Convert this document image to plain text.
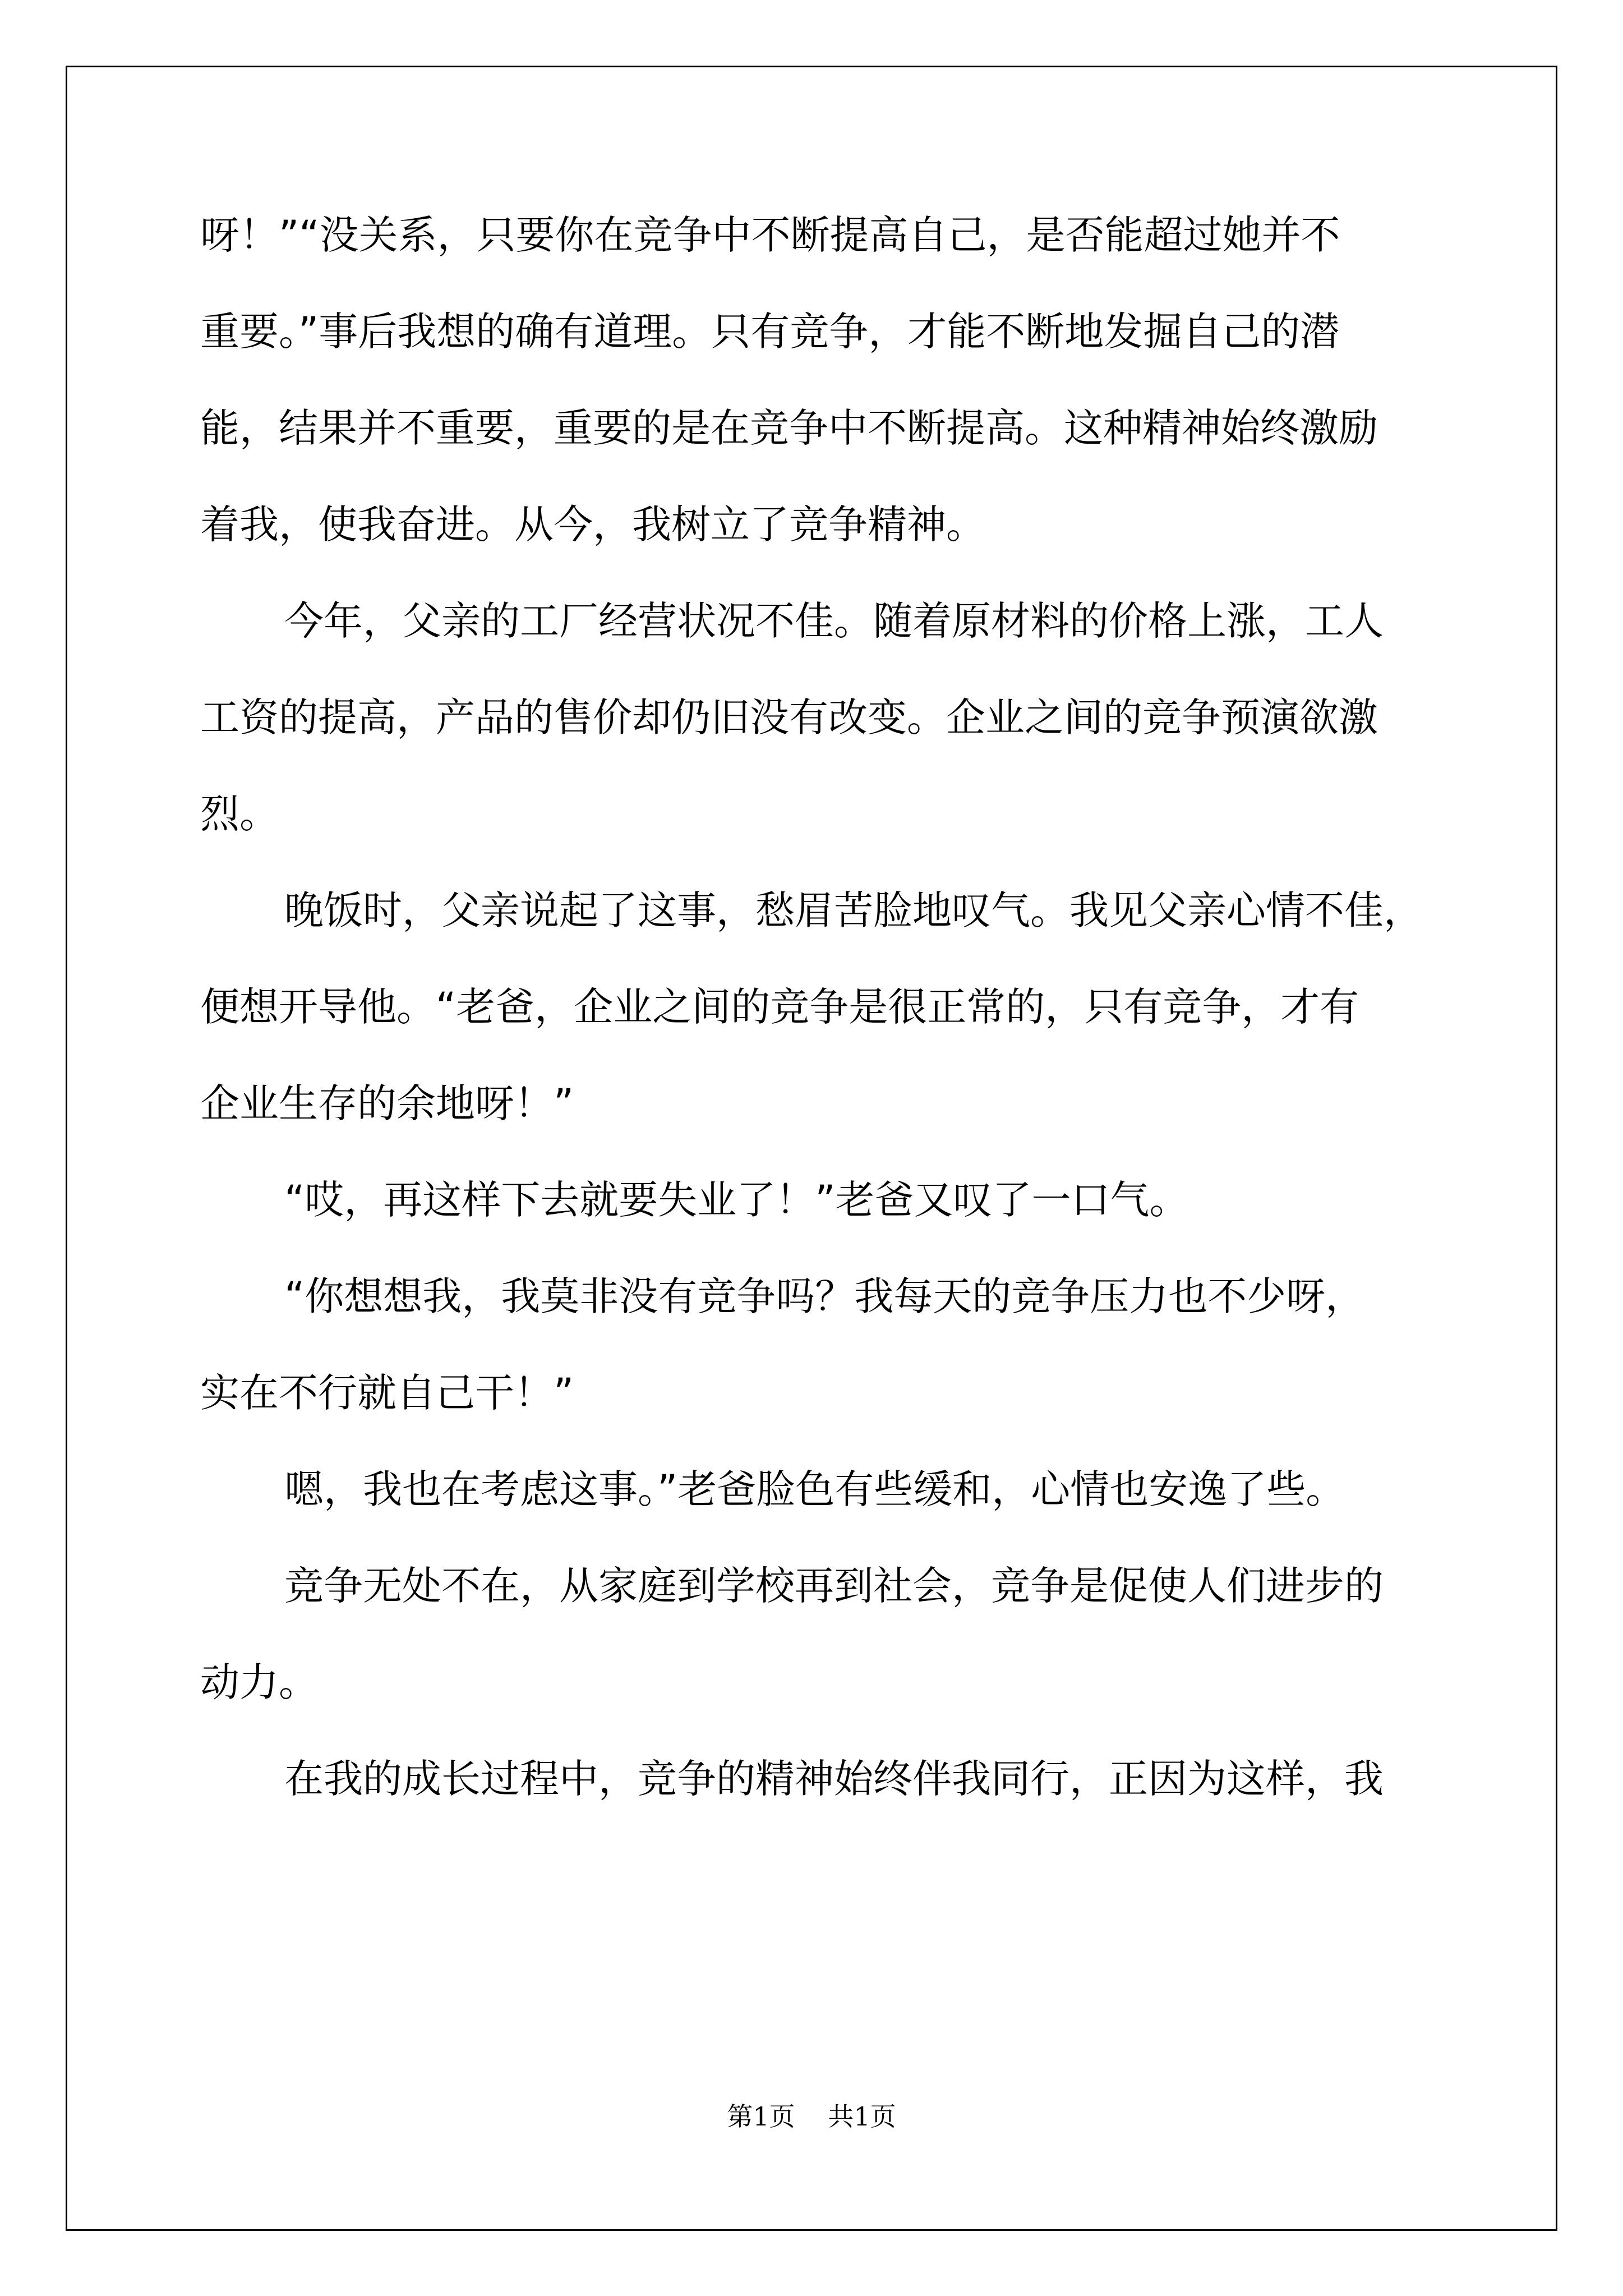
呀！”“没关系，只要你在竞争中不断提高自己，是否能超过她并不
重要。”事后我想的确有道理。只有竞争，才能不断地发掘自己的潜
能，结果并不重要，重要的是在竞争中不断提高。这种精神始终激励
着我，使我奋进。从今，我树立了竞争精神。
今年，父亲的工厂经营状况不佳。随着原材料的价格上涨，工人
工资的提高，产品的售价却仍旧没有改变。企业之间的竞争预演欲激
烈。
晚饭时，父亲说起了这事，愁眉苦脸地叹气。我见父亲心情不佳，
便想开导他。“老爸，企业之间的竞争是很正常的，只有竞争，才有
企业生存的余地呀！”
“哎，再这样下去就要失业了！”老爸又叹了一口气。
“你想想我，我莫非没有竞争吗？我每天的竞争压力也不少呀，
实在不行就自己干！”
嗯，我也在考虑这事。”老爸脸色有些缓和，心情也安逸了些。
竞争无处不在，从家庭到学校再到社会，竞争是促使人们进步的
动力。
在我的成长过程中，竞争的精神始终伴我同行，正因为这样，我
第1页 共1页
